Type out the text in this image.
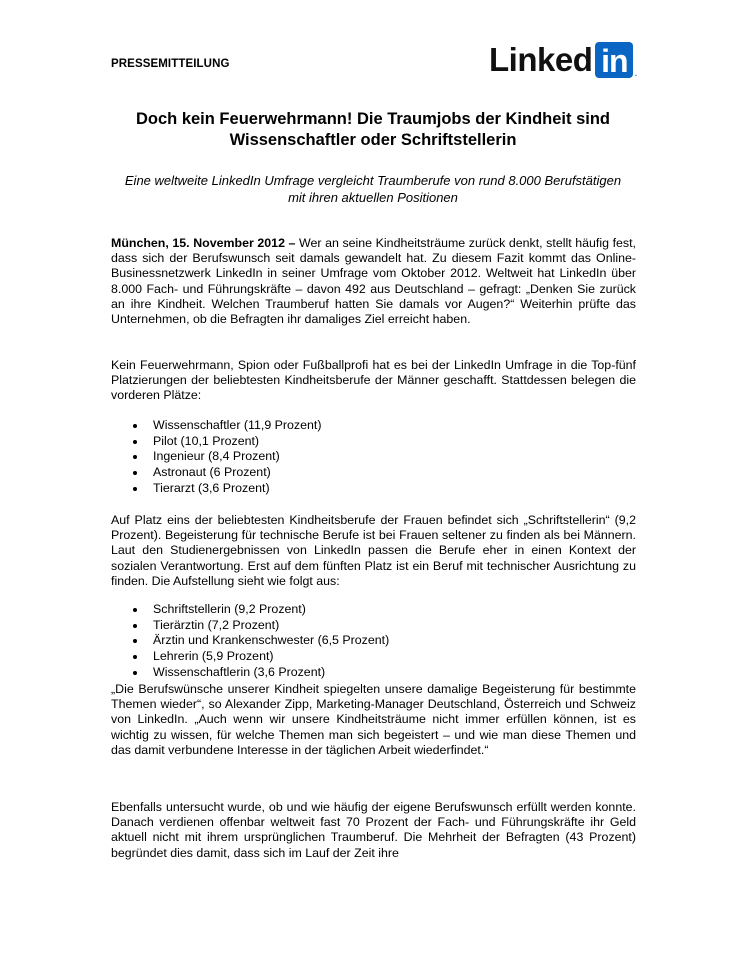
PRESSEMITTEILUNG	Linked in .
Doch kein Feuerwehrmann! Die Traumjobs der Kindheit sind Wissenschaftler oder Schriftstellerin
Eine weltweite LinkedIn Umfrage vergleicht Traumberufe von rund 8.000 Berufstätigen mit ihren aktuellen Positionen
München, 15. November 2012 – Wer an seine Kindheitsträume zurück denkt, stellt häufig fest, dass sich der Berufswunsch seit damals gewandelt hat. Zu diesem Fazit kommt das Online-Businessnetzwerk LinkedIn in seiner Umfrage vom Oktober 2012. Weltweit hat LinkedIn über 8.000 Fach- und Führungskräfte – davon 492 aus Deutschland – gefragt: „Denken Sie zurück an ihre Kindheit. Welchen Traumberuf hatten Sie damals vor Augen?“ Weiterhin prüfte das Unternehmen, ob die Befragten ihr damaliges Ziel erreicht haben.
Kein Feuerwehrmann, Spion oder Fußballprofi hat es bei der LinkedIn Umfrage in die Top-fünf Platzierungen der beliebtesten Kindheitsberufe der Männer geschafft. Stattdessen belegen die vorderen Plätze:
Wissenschaftler (11,9 Prozent)
Pilot (10,1 Prozent)
Ingenieur (8,4 Prozent)
Astronaut (6 Prozent)
Tierarzt (3,6 Prozent)
Auf Platz eins der beliebtesten Kindheitsberufe der Frauen befindet sich „Schriftstellerin“ (9,2 Prozent). Begeisterung für technische Berufe ist bei Frauen seltener zu finden als bei Männern. Laut den Studienergebnissen von LinkedIn passen die Berufe eher in einen Kontext der sozialen Verantwortung. Erst auf dem fünften Platz ist ein Beruf mit technischer Ausrichtung zu finden. Die Aufstellung sieht wie folgt aus:
Schriftstellerin (9,2 Prozent)
Tierärztin (7,2 Prozent)
Ärztin und Krankenschwester (6,5 Prozent)
Lehrerin (5,9 Prozent)
Wissenschaftlerin (3,6 Prozent)
„Die Berufswünsche unserer Kindheit spiegelten unsere damalige Begeisterung für bestimmte Themen wieder“, so Alexander Zipp, Marketing-Manager Deutschland, Österreich und Schweiz von LinkedIn. „Auch wenn wir unsere Kindheitsträume nicht immer erfüllen können, ist es wichtig zu wissen, für welche Themen man sich begeistert – und wie man diese Themen und das damit verbundene Interesse in der täglichen Arbeit wiederfindet.“
Ebenfalls untersucht wurde, ob und wie häufig der eigene Berufswunsch erfüllt werden konnte. Danach verdienen offenbar weltweit fast 70 Prozent der Fach- und Führungskräfte ihr Geld aktuell nicht mit ihrem ursprünglichen Traumberuf. Die Mehrheit der Befragten (43 Prozent) begründet dies damit, dass sich im Lauf der Zeit ihre
